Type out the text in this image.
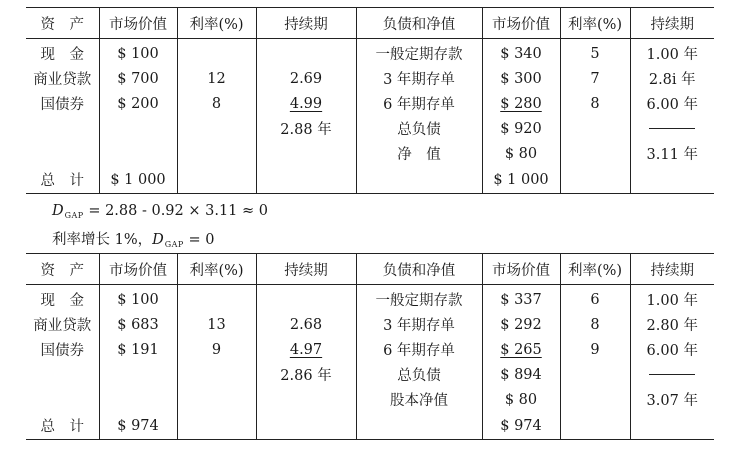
资　产	市场价值	利率(%)	持续期	负债和净值	市场价值	利率(%)	持续期
现　金	$ 100			一般定期存款	$ 340	5	1.00 年
商业贷款	$ 700	12	2.69	3 年期存单	$ 300	7	2.8i 年
国债券	$ 200	8	4.99	6 年期存单	$ 280	8	6.00 年
			2.88 年	总负债	$ 920		
				净　值	$ 80		3.11 年
总　计	$ 1 000				$ 1 000		
$D_{GAP} = 2.88 - 0.92 \times 3.11 \approx 0$
利率增长 1%，$D_{GAP} = 0$
资　产	市场价值	利率(%)	持续期	负债和净值	市场价值	利率(%)	持续期
现　金	$ 100			一般定期存款	$ 337	6	1.00 年
商业贷款	$ 683	13	2.68	3 年期存单	$ 292	8	2.80 年
国债券	$ 191	9	4.97	6 年期存单	$ 265	9	6.00 年
			2.86 年	总负债	$ 894		
				股本净值	$ 80		3.07 年
总　计	$ 974				$ 974		
